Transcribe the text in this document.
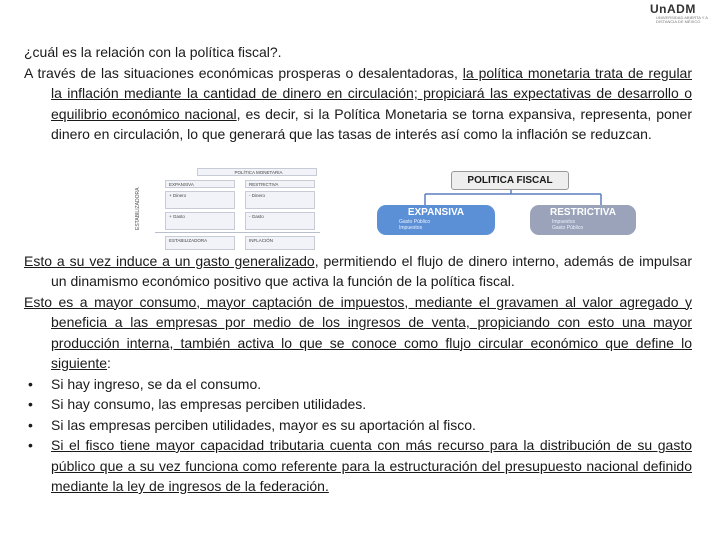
UnADM
UNIVERSIDAD ABIERTA Y A DISTANCIA DE MÉXICO
¿cuál es la relación con la política fiscal?.
A través de las situaciones económicas prosperas o desalentadoras, la política monetaria trata de regular la inflación mediante la cantidad de dinero en circulación; propiciará las expectativas de desarrollo o equilibrio económico nacional, es decir, si la Política Monetaria se torna expansiva, representa, poner dinero en circulación, lo que generará que las tasas de interés así como la inflación se reduzcan.
Esto a su vez induce a un gasto generalizado, permitiendo el flujo de dinero interno, además de impulsar un dinamismo económico positivo que activa la función de la política fiscal.
Esto es a mayor consumo, mayor captación de impuestos, mediante el gravamen al valor agregado y beneficia a las empresas por medio de los ingresos de venta, propiciando con esto una mayor producción interna, también activa lo que se conoce como flujo circular económico que define lo siguiente:
• Si hay ingreso, se da el consumo.
• Si hay consumo, las empresas perciben utilidades.
• Si las empresas perciben utilidades, mayor es su aportación al fisco.
• Si el fisco tiene mayor capacidad tributaria cuenta con más recurso para la distribución de su gasto público que a su vez funciona como referente para la estructuración del presupuesto nacional definido mediante la ley de ingresos de la federación.
ESTABILIZADORA
POLÍTICA MONETARIA
EXPANSIVA	RESTRICTIVA
+ Dinero	- Dinero
+ Gasto	- Gasto
ESTABILIZADORA	INFLACIÓN
POLITICA FISCAL
EXPANSIVA
Gasto Público
Impuestos
RESTRICTIVA
Impuestos
Gasto Público
